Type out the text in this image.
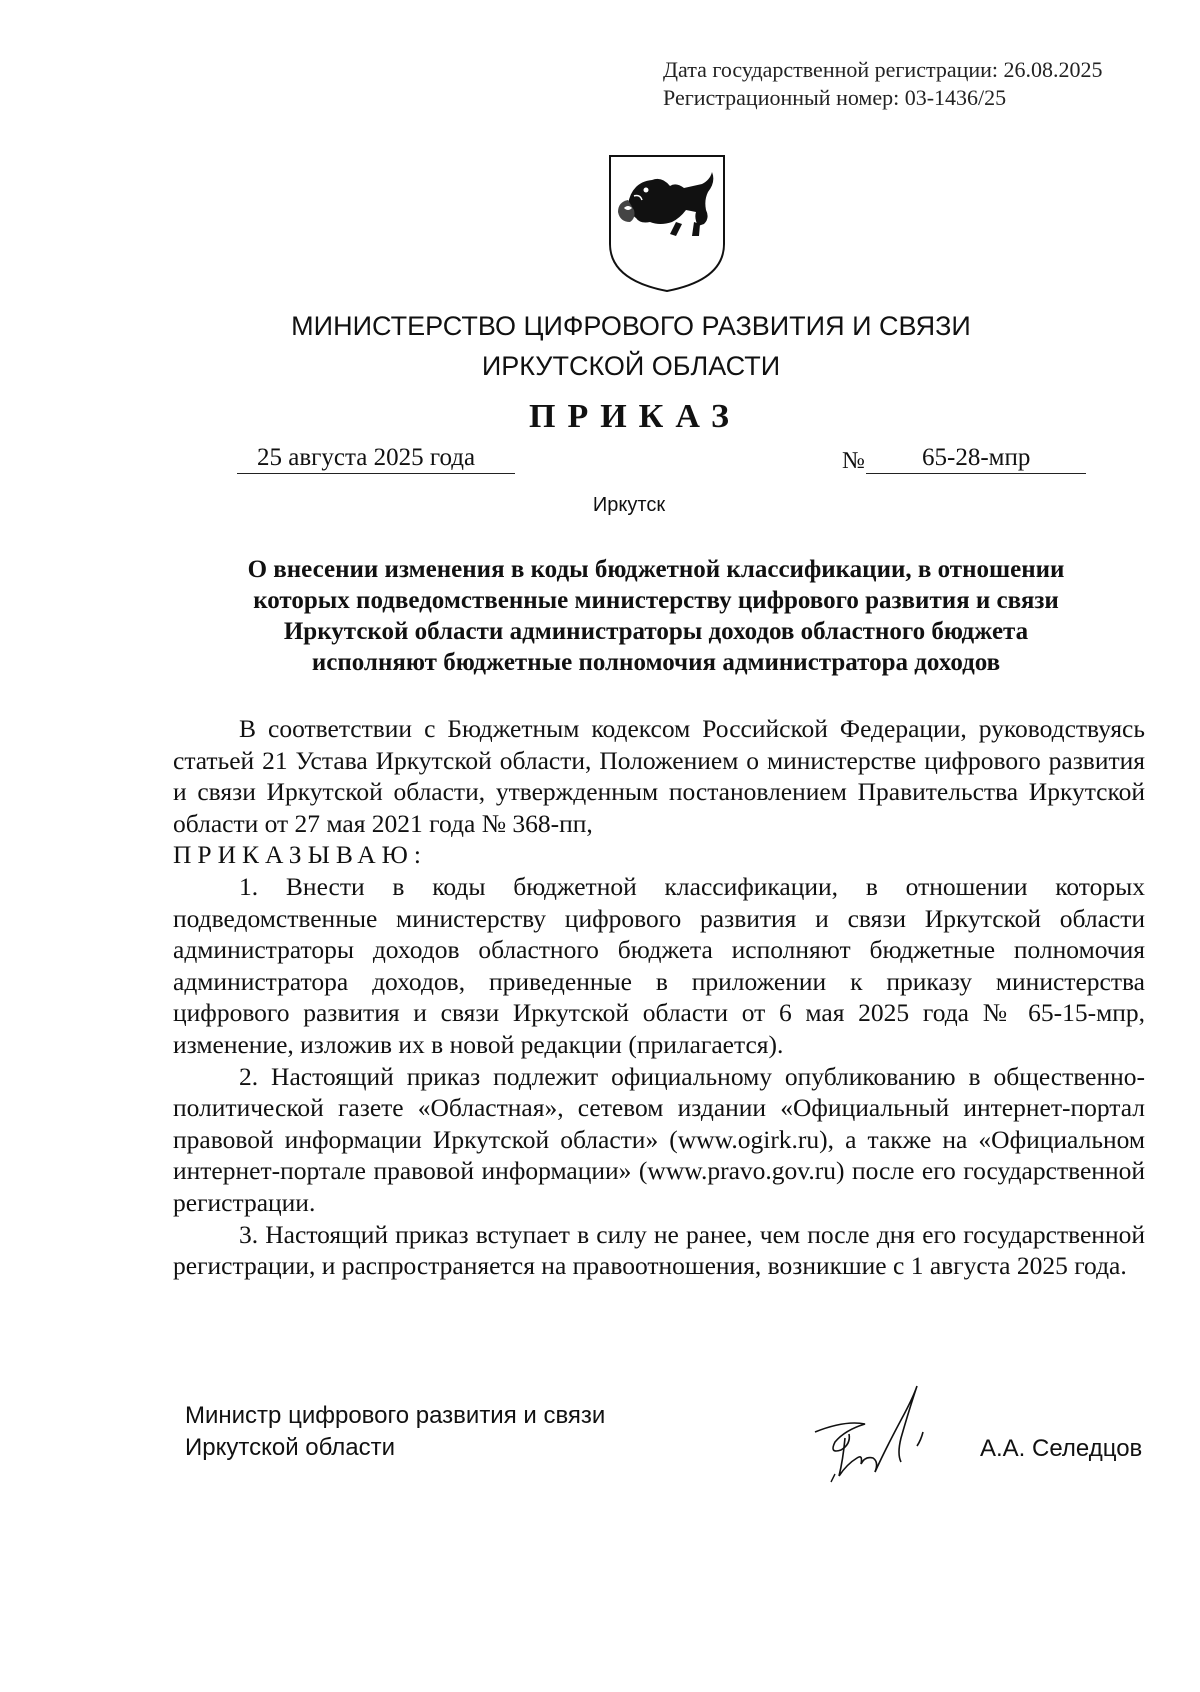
Дата государственной регистрации: 26.08.2025
Регистрационный номер: 03-1436/25
МИНИСТЕРСТВО ЦИФРОВОГО РАЗВИТИЯ И СВЯЗИ
ИРКУТСКОЙ ОБЛАСТИ
ПРИКАЗ
25 августа 2025 года	№	65-28-мпр
Иркутск
О внесении изменения в коды бюджетной классификации, в отношении
которых подведомственные министерству цифрового развития и связи
Иркутской области администраторы доходов областного бюджета
исполняют бюджетные полномочия администратора доходов

В соответствии с Бюджетным кодексом Российской Федерации, руководствуясь статьей 21 Устава Иркутской области, Положением о министерстве цифрового развития и связи Иркутской области, утвержденным постановлением Правительства Иркутской области от 27 мая 2021 года № 368-пп,

ПРИКАЗЫВАЮ:

1. Внести в коды бюджетной классификации, в отношении которых подведомственные министерству цифрового развития и связи Иркутской области администраторы доходов областного бюджета исполняют бюджетные полномочия администратора доходов, приведенные в приложении к приказу министерства цифрового развития и связи Иркутской области от 6 мая 2025 года № 65-15-мпр, изменение, изложив их в новой редакции (прилагается).

2. Настоящий приказ подлежит официальному опубликованию в общественно-политической газете «Областная», сетевом издании «Официальный интернет-портал правовой информации Иркутской области» (www.ogirk.ru), а также на «Официальном интернет-портале правовой информации» (www.pravo.gov.ru) после его государственной регистрации.

3. Настоящий приказ вступает в силу не ранее, чем после дня его государственной регистрации, и распространяется на правоотношения, возникшие с 1 августа 2025 года.

Министр цифрового развития и связи
Иркутской области	А.А. Селедцов
